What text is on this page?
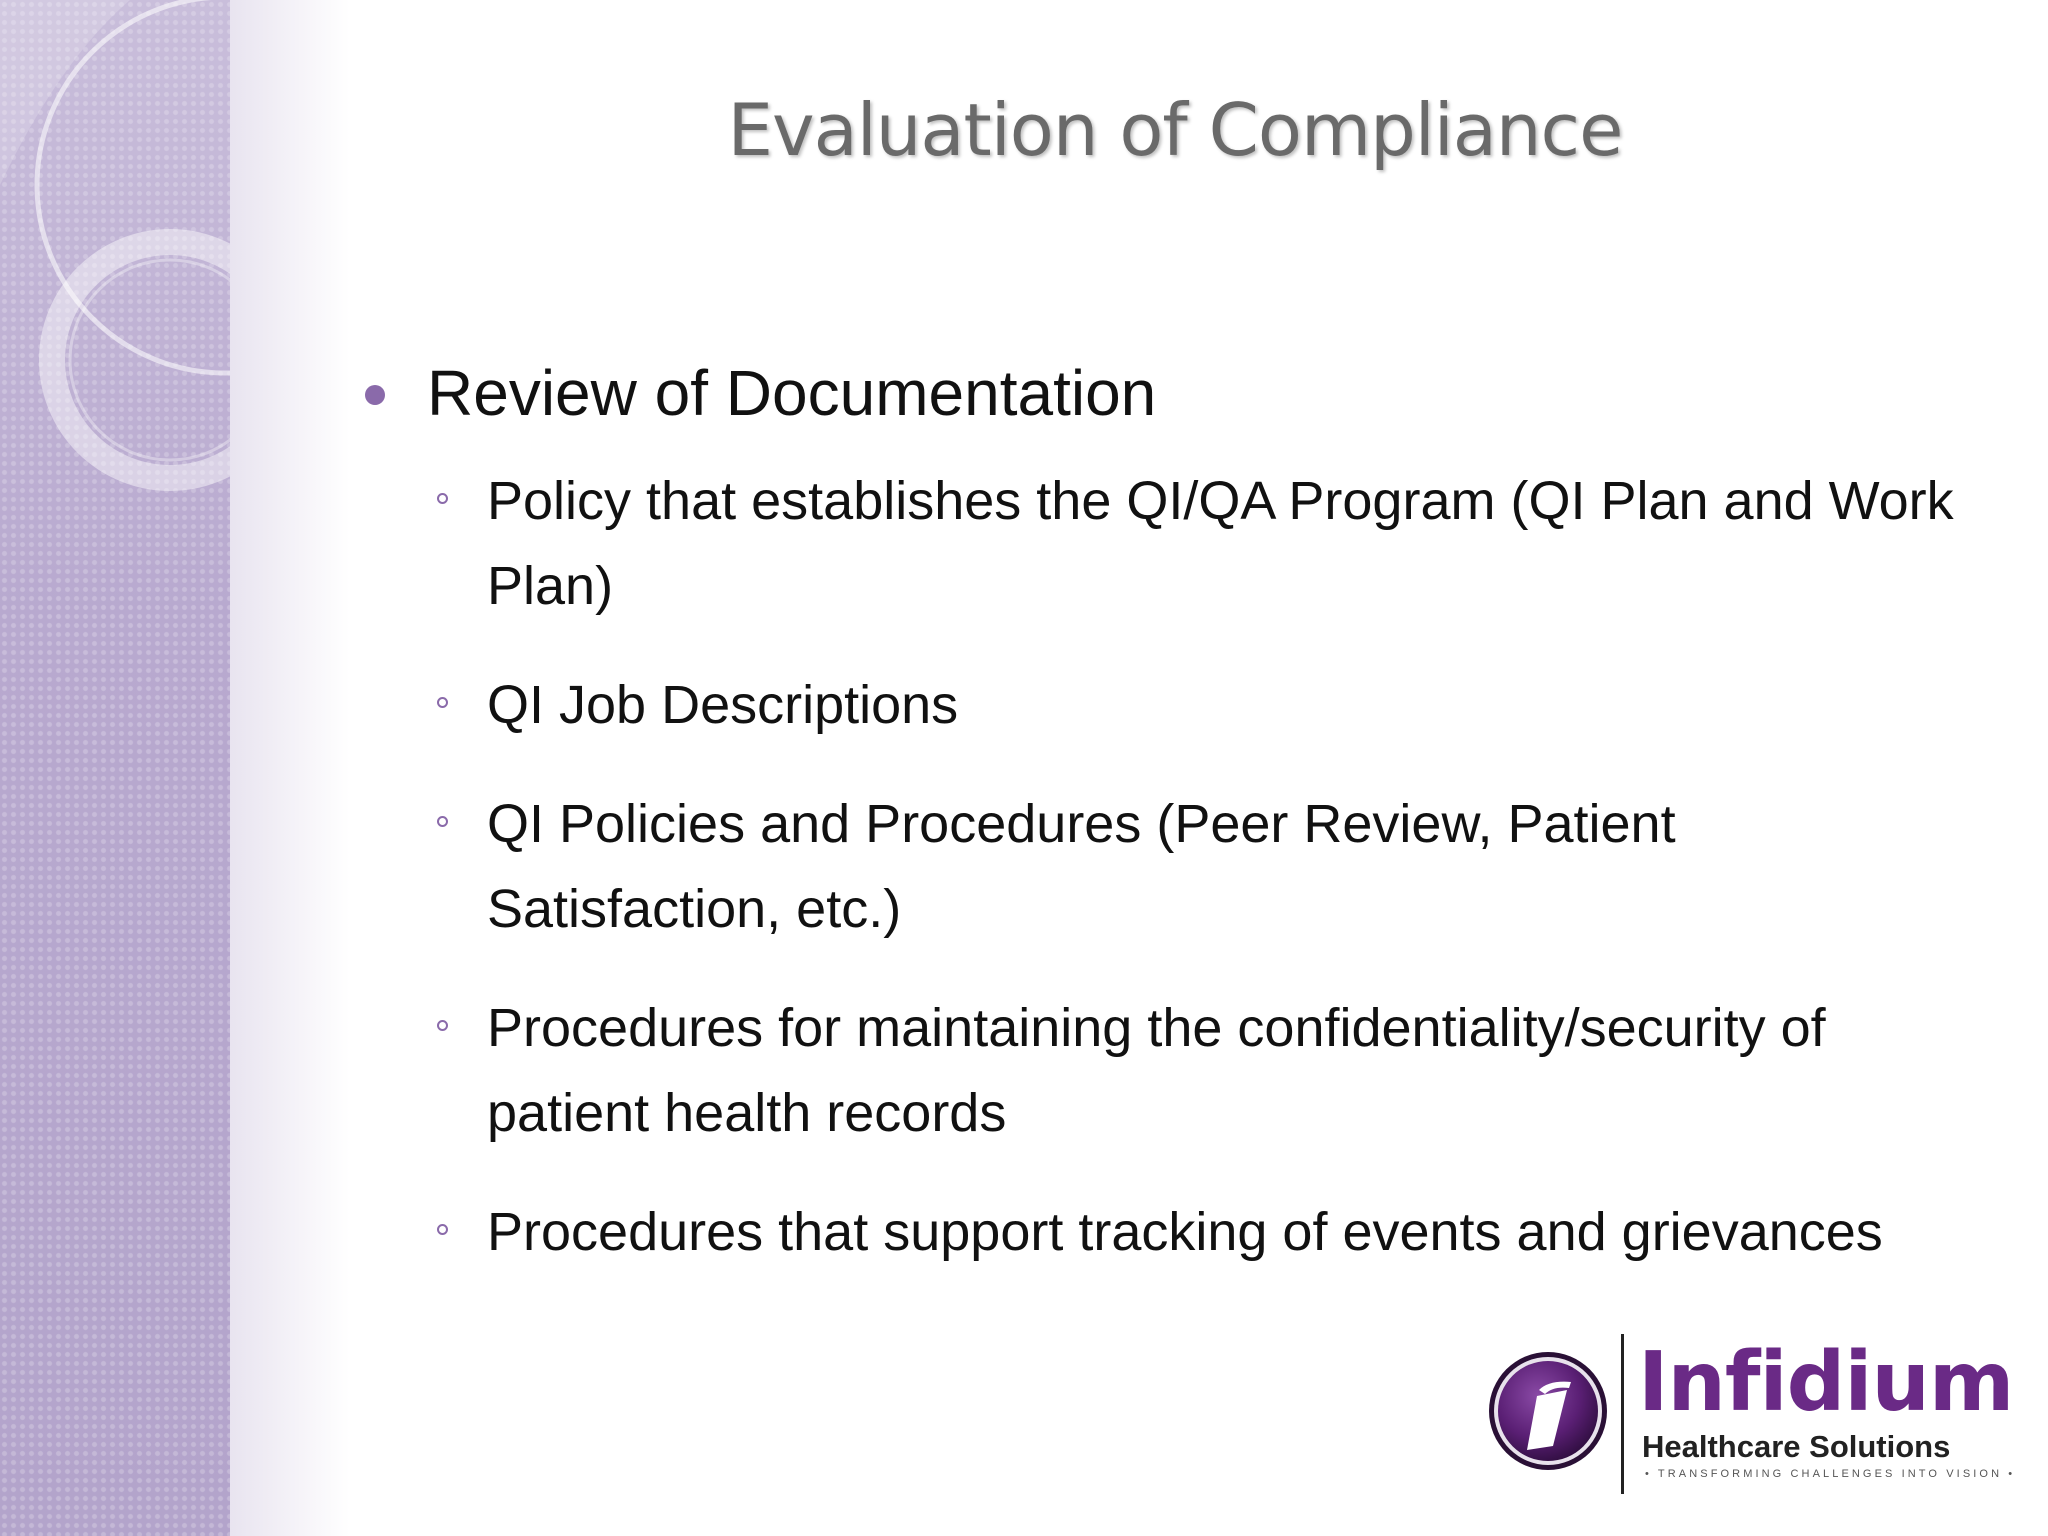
Evaluation of Compliance
Review of Documentation
Policy that establishes the QI/QA Program (QI Plan and Work Plan)
QI Job Descriptions
QI Policies and Procedures (Peer Review, Patient Satisfaction, etc.)
Procedures for maintaining the confidentiality/security of patient health records
Procedures that support tracking of events and grievances
Infidium
Healthcare Solutions
• TRANSFORMING CHALLENGES INTO VISION •
